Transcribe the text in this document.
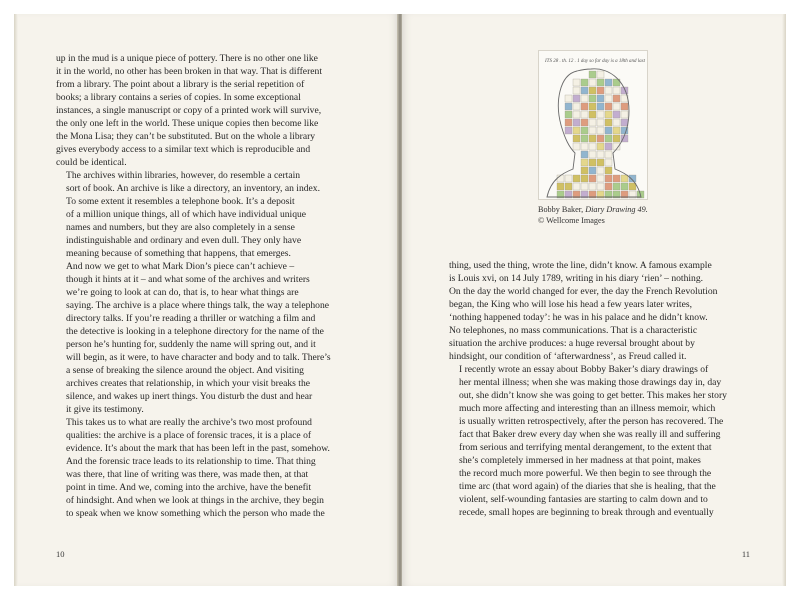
up in the mud is a unique piece of pottery. There is no other one like
it in the world, no other has been broken in that way. That is different
from a library. The point about a library is the serial repetition of
books; a library contains a series of copies. In some exceptional
instances, a single manuscript or copy of a printed work will survive,
the only one left in the world. These unique copies then become like
the Mona Lisa; they can’t be substituted. But on the whole a library
gives everybody access to a similar text which is reproducible and
could be identical.

The archives within libraries, however, do resemble a certain
sort of book. An archive is like a directory, an inventory, an index.
To some extent it resembles a telephone book. It’s a deposit
of a million unique things, all of which have individual unique
names and numbers, but they are also completely in a sense
indistinguishable and ordinary and even dull. They only have
meaning because of something that happens, that emerges.

And now we get to what Mark Dion’s piece can’t achieve –
though it hints at it – and what some of the archives and writers
we’re going to look at can do, that is, to hear what things are
saying. The archive is a place where things talk, the way a telephone
directory talks. If you’re reading a thriller or watching a film and
the detective is looking in a telephone directory for the name of the
person he’s hunting for, suddenly the name will spring out, and it
will begin, as it were, to have character and body and to talk. There’s
a sense of breaking the silence around the object. And visiting
archives creates that relationship, in which your visit breaks the
silence, and wakes up inert things. You disturb the dust and hear
it give its testimony.

This takes us to what are really the archive’s two most profound
qualities: the archive is a place of forensic traces, it is a place of
evidence. It’s about the mark that has been left in the past, somehow.
And the forensic trace leads to its relationship to time. That thing
was there, that line of writing was there, was made then, at that
point in time. And we, coming into the archive, have the benefit
of hindsight. And when we look at things in the archive, they begin
to speak when we know something which the person who made the

10
ITS 28 . th. 12 . 1 day so far day is a 18th and last
Bobby Baker, Diary Drawing 49.
© Wellcome Images

thing, used the thing, wrote the line, didn’t know. A famous example
is Louis xvi, on 14 July 1789, writing in his diary ‘rien’ – nothing.
On the day the world changed for ever, the day the French Revolution
began, the King who will lose his head a few years later writes,
‘nothing happened today’: he was in his palace and he didn’t know.
No telephones, no mass communications. That is a characteristic
situation the archive produces: a huge reversal brought about by
hindsight, our condition of ‘afterwardness’, as Freud called it.

I recently wrote an essay about Bobby Baker’s diary drawings of
her mental illness; when she was making those drawings day in, day
out, she didn’t know she was going to get better. This makes her story
much more affecting and interesting than an illness memoir, which
is usually written retrospectively, after the person has recovered. The
fact that Baker drew every day when she was really ill and suffering
from serious and terrifying mental derangement, to the extent that
she’s completely immersed in her madness at that point, makes
the record much more powerful. We then begin to see through the
time arc (that word again) of the diaries that she is healing, that the
violent, self-wounding fantasies are starting to calm down and to
recede, small hopes are beginning to break through and eventually

11
